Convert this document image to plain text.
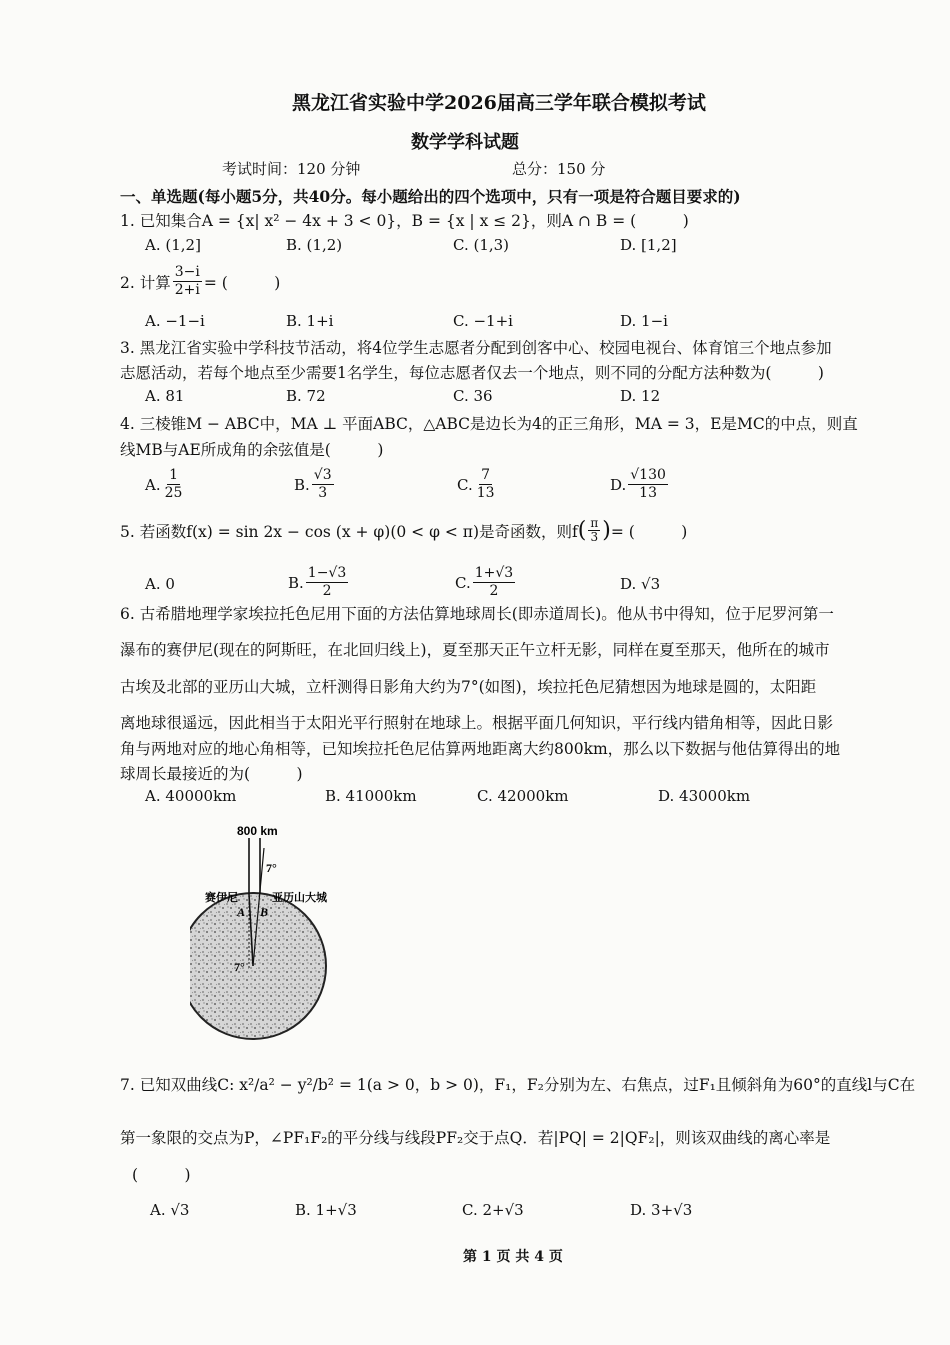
黑龙江省实验中学2026届高三学年联合模拟考试
数学学科试题
考试时间：120 分钟	总分：150 分
一、单选题(每小题5分，共40分。每小题给出的四个选项中，只有一项是符合题目要求的)
1. 已知集合A = {x| x² − 4x + 3 < 0}，B = {x | x ≤ 2}，则A ∩ B = (　　　)
A. (1,2]	B. (1,2)	C. (1,3)	D. [1,2]
2. 计算 $\frac{3-i}{2+i}$ = (　　　)
A. −1−i	B. 1+i	C. −1+i	D. 1−i
3. 黑龙江省实验中学科技节活动，将4位学生志愿者分配到创客中心、校园电视台、体育馆三个地点参加
志愿活动，若每个地点至少需要1名学生，每位志愿者仅去一个地点，则不同的分配方法种数为(　　　)
A. 81	B. 72	C. 36	D. 12
4. 三棱锥M − ABC中，MA ⊥ 平面ABC，△ABC是边长为4的正三角形，MA = 3，E是MC的中点，则直
线MB与AE所成角的余弦值是(　　　)
A. $\frac{1}{25}$	B. $\frac{√3}{3}$	C. $\frac{7}{13}$	D. $\frac{√130}{13}$
5. 若函数f(x) = sin 2x − cos (x + φ)(0 < φ < π)是奇函数，则f ( $\frac{\pi}{3}$ ) = (　　　)
A. 0	B. $\frac{1-√3}{2}$	C. $\frac{1+√3}{2}$	D. √3
6. 古希腊地理学家埃拉托色尼用下面的方法估算地球周长(即赤道周长)。他从书中得知，位于尼罗河第一
瀑布的赛伊尼(现在的阿斯旺，在北回归线上)，夏至那天正午立杆无影，同样在夏至那天，他所在的城市
古埃及北部的亚历山大城，立杆测得日影角大约为7°(如图)，埃拉托色尼猜想因为地球是圆的，太阳距
离地球很遥远，因此相当于太阳光平行照射在地球上。根据平面几何知识，平行线内错角相等，因此日影
角与两地对应的地心角相等，已知埃拉托色尼估算两地距离大约800km，那么以下数据与他估算得出的地
球周长最接近的为(　　　)
A. 40000km	B. 41000km	C. 42000km	D. 43000km
800 km
7°
7°
赛伊尼	亚历山大城
A B
7. 已知双曲线C: x²/a² − y²/b² = 1(a > 0，b > 0)，F₁，F₂分别为左、右焦点，过F₁且倾斜角为60°的直线l与C在
第一象限的交点为P，∠PF₁F₂的平分线与线段PF₂交于点Q．若|PQ| = 2|QF₂|，则该双曲线的离心率是
(　　　)
A. √3	B. 1+√3	C. 2+√3	D. 3+√3
第 1 页 共 4 页
